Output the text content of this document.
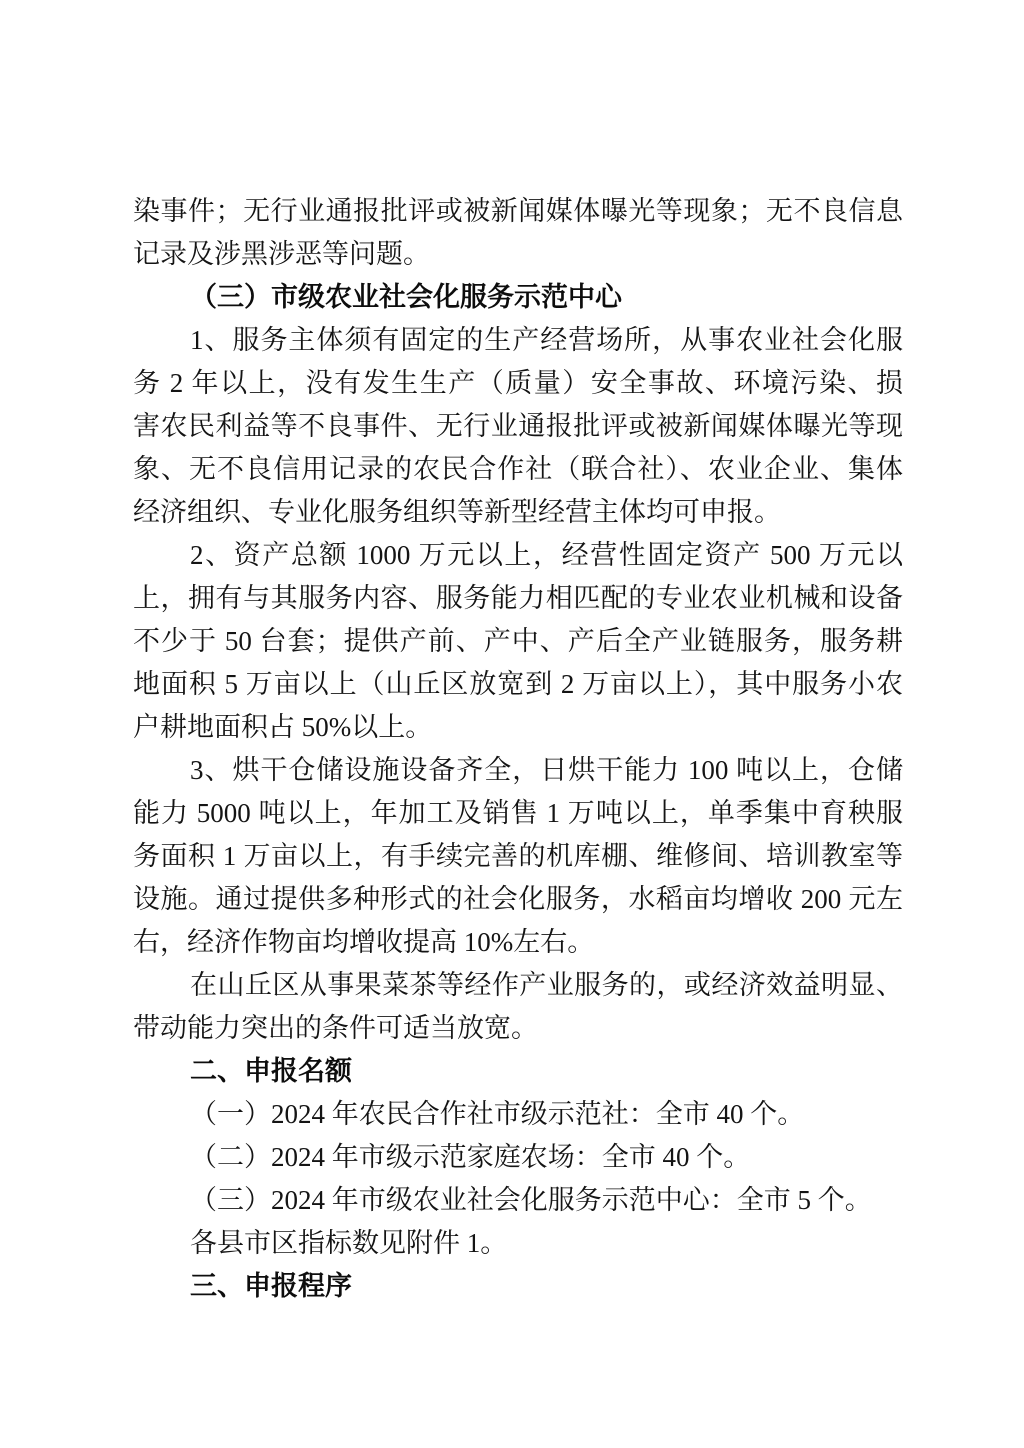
染事件；无行业通报批评或被新闻媒体曝光等现象；无不良信息
记录及涉黑涉恶等问题。
（三）市级农业社会化服务示范中心
1、服务主体须有固定的生产经营场所，从事农业社会化服
务 2 年以上，没有发生生产（质量）安全事故、环境污染、损
害农民利益等不良事件、无行业通报批评或被新闻媒体曝光等现
象、无不良信用记录的农民合作社（联合社）、农业企业、集体
经济组织、专业化服务组织等新型经营主体均可申报。
2、资产总额 1000 万元以上，经营性固定资产 500 万元以
上，拥有与其服务内容、服务能力相匹配的专业农业机械和设备
不少于 50 台套；提供产前、产中、产后全产业链服务，服务耕
地面积 5 万亩以上（山丘区放宽到 2 万亩以上），其中服务小农
户耕地面积占 50%以上。
3、烘干仓储设施设备齐全，日烘干能力 100 吨以上，仓储
能力 5000 吨以上，年加工及销售 1 万吨以上，单季集中育秧服
务面积 1 万亩以上，有手续完善的机库棚、维修间、培训教室等
设施。通过提供多种形式的社会化服务，水稻亩均增收 200 元左
右，经济作物亩均增收提高 10%左右。
在山丘区从事果菜茶等经作产业服务的，或经济效益明显、
带动能力突出的条件可适当放宽。
二、申报名额
（一）2024 年农民合作社市级示范社：全市 40 个。
（二）2024 年市级示范家庭农场：全市 40 个。
（三）2024 年市级农业社会化服务示范中心：全市 5 个。
各县市区指标数见附件 1。
三、申报程序
